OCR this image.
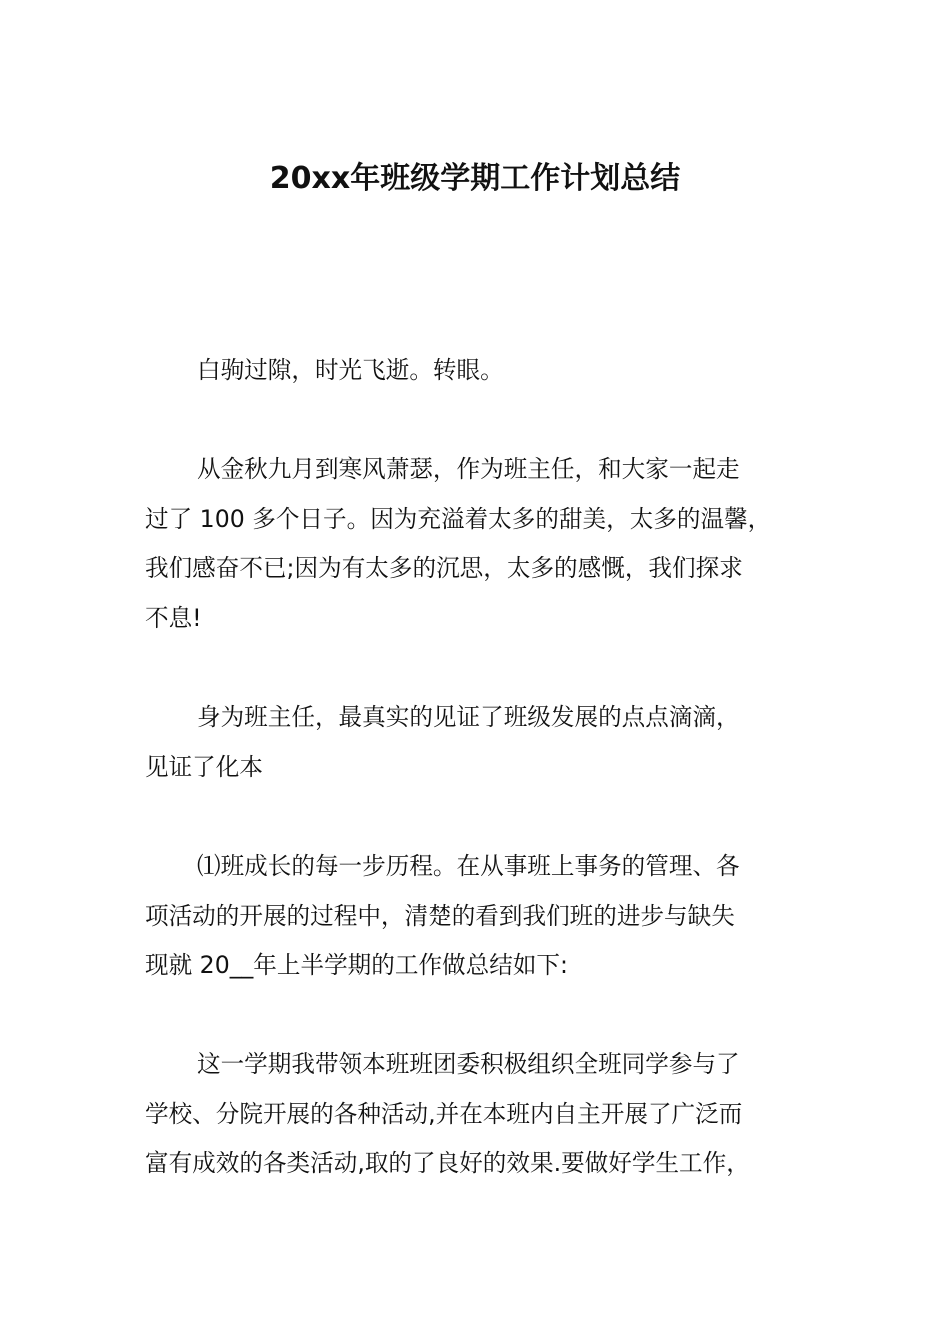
20xx年班级学期工作计划总结
白驹过隙，时光飞逝。转眼。
从金秋九月到寒风萧瑟，作为班主任，和大家一起走
过了 100 多个日子。因为充溢着太多的甜美，太多的温馨，
我们感奋不已;因为有太多的沉思，太多的感慨，我们探求
不息!
身为班主任，最真实的见证了班级发展的点点滴滴，
见证了化本
⑴班成长的每一步历程。在从事班上事务的管理、各
项活动的开展的过程中，清楚的看到我们班的进步与缺失
现就 20__年上半学期的工作做总结如下:
这一学期我带领本班班团委积极组织全班同学参与了
学校、分院开展的各种活动,并在本班内自主开展了广泛而
富有成效的各类活动,取的了良好的效果.要做好学生工作，
